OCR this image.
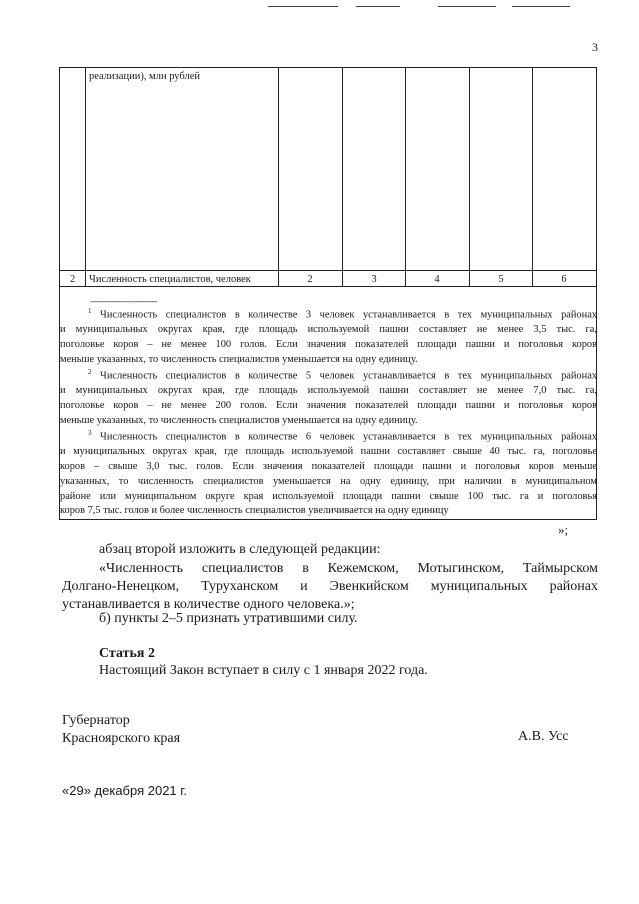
3
реализации), млн рублей
2 Численность специалистов, человек	2	3	4	5	6
-------------------------------
$^1$ Численность специалистов в количестве 3 человек устанавливается в тех муниципальных районах
и муниципальных округах края, где площадь используемой пашни составляет не менее 3,5 тыс. га,
поголовье коров – не менее 100 голов. Если значения показателей площади пашни и поголовья коров
меньше указанных, то численность специалистов уменьшается на одну единицу.
$^2$ Численность специалистов в количестве 5 человек устанавливается в тех муниципальных районах
и муниципальных округах края, где площадь используемой пашни составляет не менее 7,0 тыс. га,
поголовье коров – не менее 200 голов. Если значения показателей площади пашни и поголовья коров
меньше указанных, то численность специалистов уменьшается на одну единицу.
$^3$ Численность специалистов в количестве 6 человек устанавливается в тех муниципальных районах
и муниципальных округах края, где площадь используемой пашни составляет свыше 40 тыс. га, поголовье
коров – свыше 3,0 тыс. голов. Если значения показателей площади пашни и поголовья коров меньше
указанных, то численность специалистов уменьшается на одну единицу, при наличии в муниципальном
районе или муниципальном округе края используемой площади пашни свыше 100 тыс. га и поголовья
коров 7,5 тыс. голов и более численность специалистов увеличивается на одну единицу
»;
абзац второй изложить в следующей редакции:
«Численность специалистов в Кежемском, Мотыгинском, Таймырском
Долгано-Ненецком, Туруханском и Эвенкийском муниципальных районах
устанавливается в количестве одного человека.»;
б) пункты 2–5 признать утратившими силу.
Статья 2
Настоящий Закон вступает в силу с 1 января 2022 года.
Губернатор
Красноярского края	А.В. Усс
«29» декабря 2021 г.
